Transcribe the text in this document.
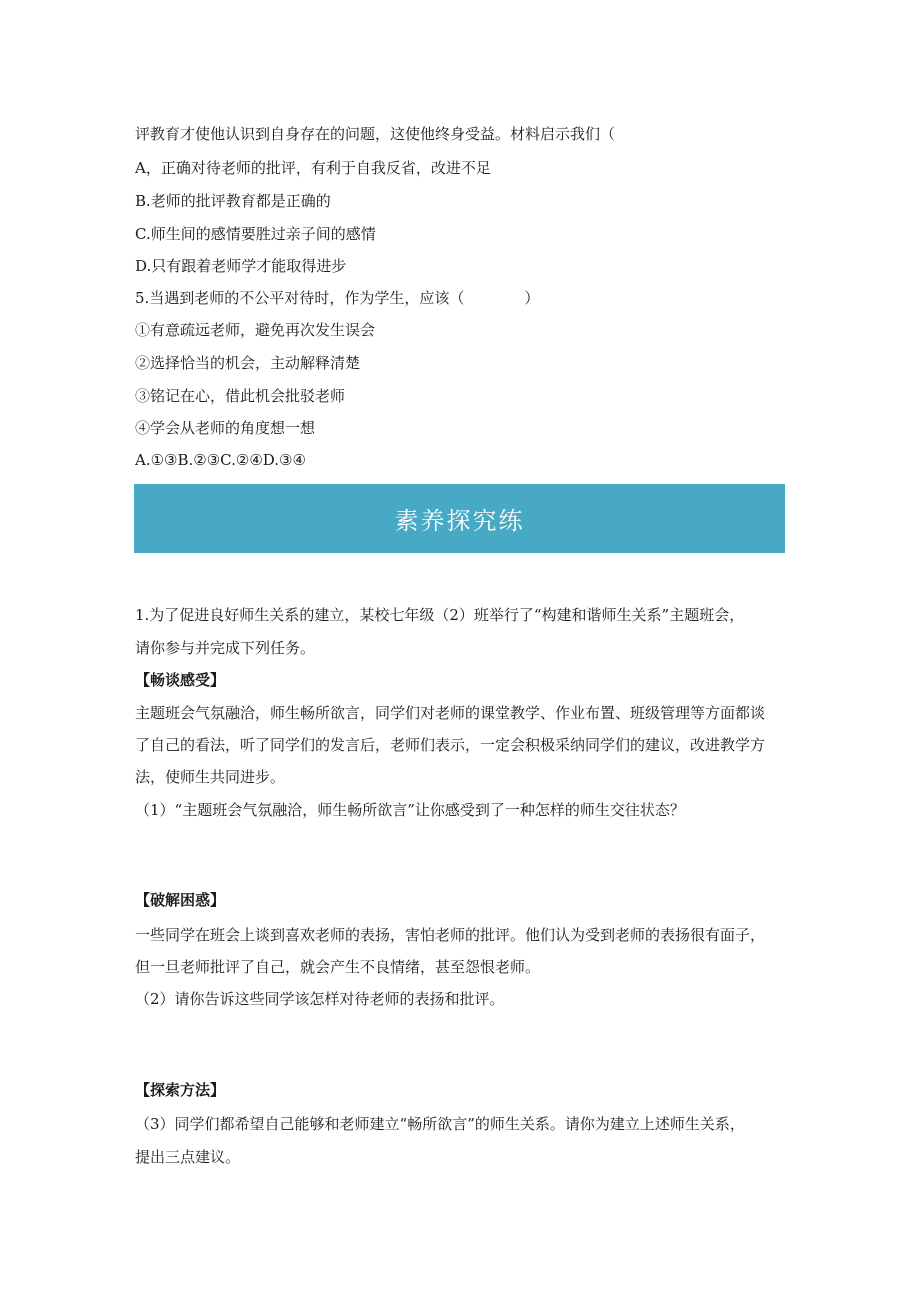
评教育才使他认识到自身存在的问题，这使他终身受益。材料启示我们（
A，正确对待老师的批评，有利于自我反省，改进不足
B.老师的批评教育都是正确的
C.师生间的感情要胜过亲子间的感情
D.只有跟着老师学才能取得进步
5.当遇到老师的不公平对待时，作为学生，应该（　　　　）
①有意疏远老师，避免再次发生误会
②选择恰当的机会，主动解释清楚
③铭记在心，借此机会批驳老师
④学会从老师的角度想一想
A.①③B.②③C.②④D.③④
素养探究练
1.为了促进良好师生关系的建立，某校七年级（2）班举行了“构建和谐师生关系”主题班会，
请你参与并完成下列任务。
【畅谈感受】
主题班会气氛融洽，师生畅所欲言，同学们对老师的课堂教学、作业布置、班级管理等方面都谈
了自己的看法，听了同学们的发言后，老师们表示，一定会积极采纳同学们的建议，改进教学方
法，使师生共同进步。
（1）“主题班会气氛融洽，师生畅所欲言”让你感受到了一种怎样的师生交往状态？
【破解困惑】
一些同学在班会上谈到喜欢老师的表扬，害怕老师的批评。他们认为受到老师的表扬很有面子，
但一旦老师批评了自己，就会产生不良情绪，甚至怨恨老师。
（2）请你告诉这些同学该怎样对待老师的表扬和批评。
【探索方法】
（3）同学们都希望自己能够和老师建立“畅所欲言”的师生关系。请你为建立上述师生关系，
提出三点建议。
